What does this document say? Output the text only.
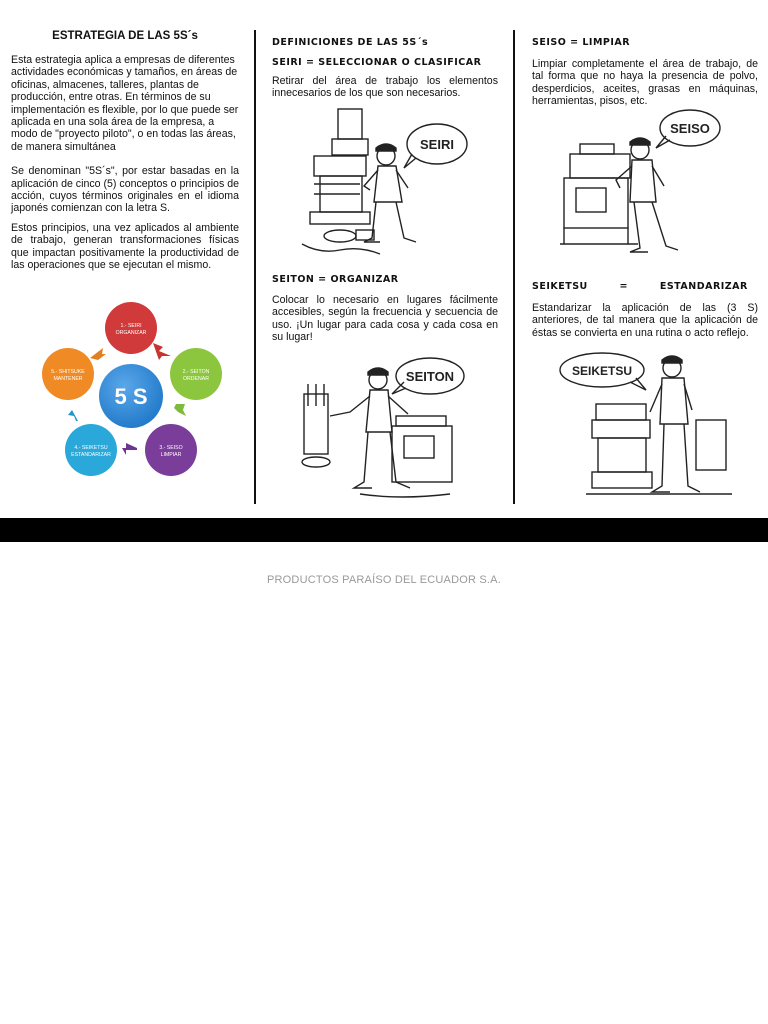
ESTRATEGIA DE LAS 5S´s

Esta estrategia aplica a empresas de diferentes actividades económicas y tamaños, en áreas de oficinas, almacenes, talleres, plantas de producción, entre otras. En términos de su implementación es flexible, por lo que puede ser aplicada en una sola área de la empresa, a modo de "proyecto piloto", o en todas las áreas, de manera simultánea

Se denominan "5S´s", por estar basadas en la aplicación de cinco (5) conceptos o principios de acción, cuyos términos originales en el idioma japonés comienzan con la letra S.

Estos principios, una vez aplicados al ambiente de trabajo, generan transformaciones físicas que impactan positivamente la productividad de las operaciones que se ejecutan el mismo.

5 S
1.- SEIRI
ORGANIZAR
2.- SEITON
ORDENAR
3.- SEISO
LIMPIAR
4.- SEIKETSU
ESTANDARIZAR
5.- SHITSUKE
MANTENER
DEFINICIONES DE LAS 5S´s
SEIRI = SELECCIONAR O CLASIFICAR

Retirar del área de trabajo los elementos innecesarios de los que son necesarios.

SEIRI
SEITON = ORGANIZAR

Colocar lo necesario en lugares fácilmente accesibles, según la frecuencia y secuencia de uso. ¡Un lugar para cada cosa y cada cosa en su lugar!

SEITON
SEISO = LIMPIAR

Limpiar completamente el área de trabajo, de tal forma que no haya la presencia de polvo, desperdicios, aceites, grasas en máquinas, herramientas, pisos, etc.

SEISO
SEIKETSU = ESTANDARIZAR

Estandarizar la aplicación de las (3 S) anteriores, de tal manera que la aplicación de éstas se convierta en una rutina o acto reflejo.

SEIKETSU
PRODUCTOS PARAÍSO DEL ECUADOR S.A.
